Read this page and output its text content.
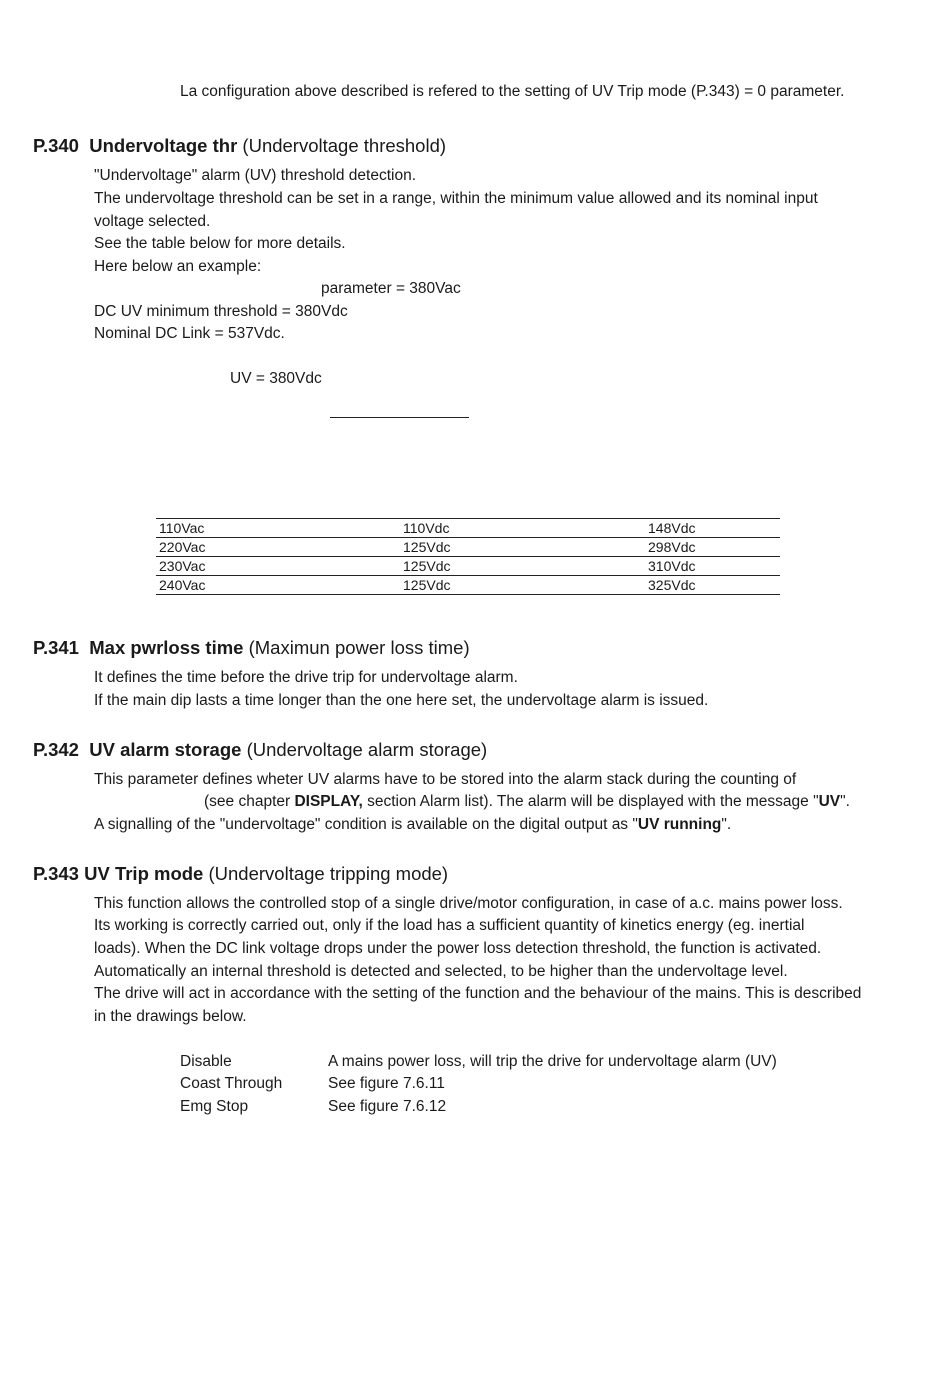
La configuration above described is refered to the setting of UV Trip mode (P.343) = 0 parameter.
P.340 Undervoltage thr (Undervoltage threshold)
"Undervoltage" alarm (UV) threshold detection.
The undervoltage threshold can be set in a range, within the minimum value allowed and its nominal input
voltage selected.
See the table below for more details.
Here below an example:
parameter = 380Vac
DC UV minimum threshold = 380Vdc
Nominal DC Link = 537Vdc.
UV = 380Vdc
110Vac	110Vdc	148Vdc
220Vac	125Vdc	298Vdc
230Vac	125Vdc	310Vdc
240Vac	125Vdc	325Vdc
P.341 Max pwrloss time (Maximun power loss time)
It defines the time before the drive trip for undervoltage alarm.
If the main dip lasts a time longer than the one here set, the undervoltage alarm is issued.
P.342 UV alarm storage (Undervoltage alarm storage)
This parameter defines wheter UV alarms have to be stored into the alarm stack during the counting of
(see chapter DISPLAY, section Alarm list). The alarm will be displayed with the message "UV".
A signalling of the "undervoltage" condition is available on the digital output as "UV running".
P.343 UV Trip mode (Undervoltage tripping mode)
This function allows the controlled stop of a single drive/motor configuration, in case of a.c. mains power loss.
Its working is correctly carried out, only if the load has a sufficient quantity of kinetics energy (eg. inertial
loads). When the DC link voltage drops under the power loss detection threshold, the function is activated.
Automatically an internal threshold is detected and selected, to be higher than the undervoltage level.
The drive will act in accordance with the setting of the function and the behaviour of the mains. This is described
in the drawings below.
Disable	A mains power loss, will trip the drive for undervoltage alarm (UV)
Coast Through	See figure 7.6.11
Emg Stop	See figure 7.6.12
